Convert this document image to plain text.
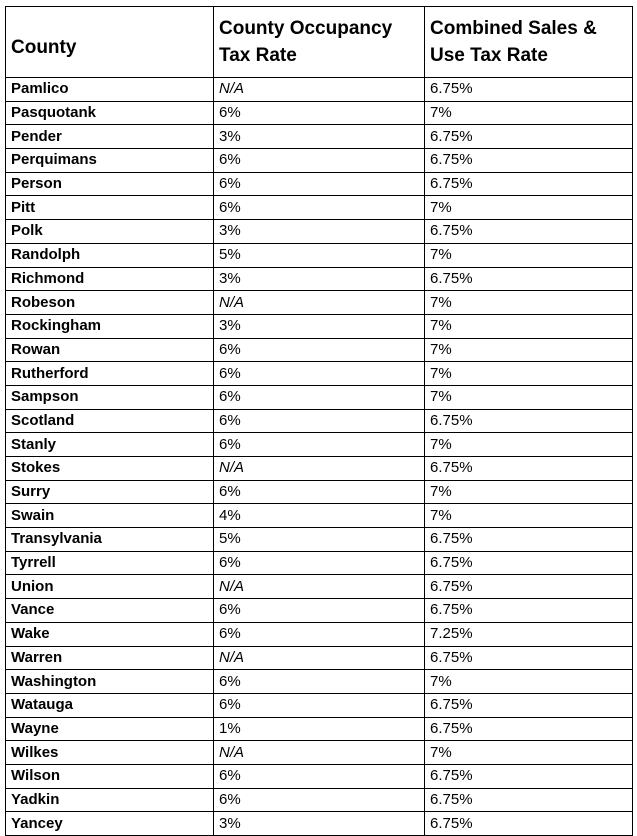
County	County Occupancy Tax Rate	Combined Sales & Use Tax Rate
Pamlico	N/A	6.75%
Pasquotank	6%	7%
Pender	3%	6.75%
Perquimans	6%	6.75%
Person	6%	6.75%
Pitt	6%	7%
Polk	3%	6.75%
Randolph	5%	7%
Richmond	3%	6.75%
Robeson	N/A	7%
Rockingham	3%	7%
Rowan	6%	7%
Rutherford	6%	7%
Sampson	6%	7%
Scotland	6%	6.75%
Stanly	6%	7%
Stokes	N/A	6.75%
Surry	6%	7%
Swain	4%	7%
Transylvania	5%	6.75%
Tyrrell	6%	6.75%
Union	N/A	6.75%
Vance	6%	6.75%
Wake	6%	7.25%
Warren	N/A	6.75%
Washington	6%	7%
Watauga	6%	6.75%
Wayne	1%	6.75%
Wilkes	N/A	7%
Wilson	6%	6.75%
Yadkin	6%	6.75%
Yancey	3%	6.75%
